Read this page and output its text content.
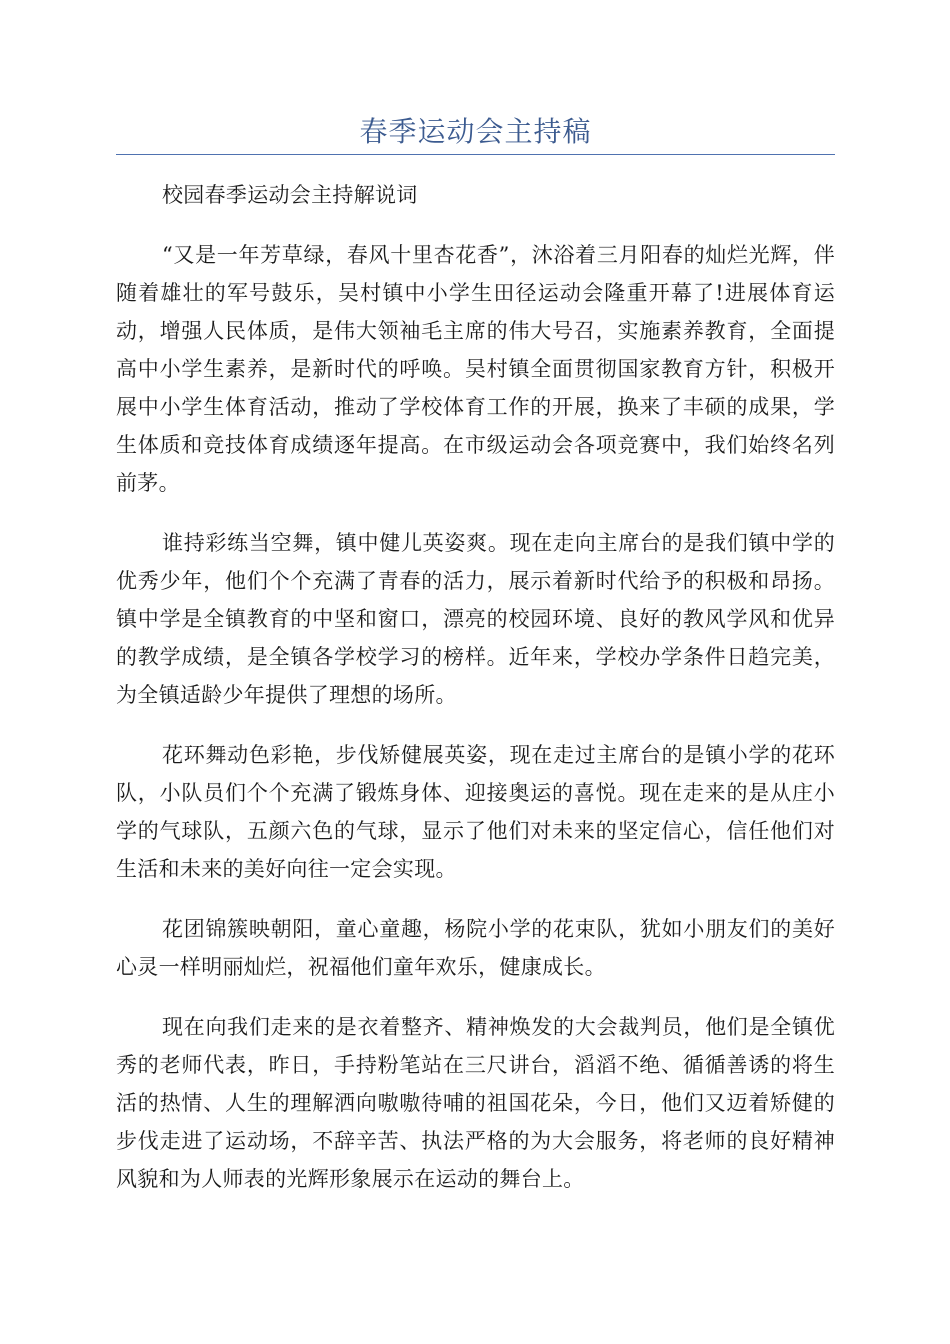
春季运动会主持稿

校园春季运动会主持解说词

“又是一年芳草绿，春风十里杏花香”，沐浴着三月阳春的灿烂光辉，伴随着雄壮的军号鼓乐，吴村镇中小学生田径运动会隆重开幕了!进展体育运动，增强人民体质，是伟大领袖毛主席的伟大号召，实施素养教育，全面提高中小学生素养，是新时代的呼唤。吴村镇全面贯彻国家教育方针，积极开展中小学生体育活动，推动了学校体育工作的开展，换来了丰硕的成果，学生体质和竞技体育成绩逐年提高。在市级运动会各项竞赛中，我们始终名列前茅。

谁持彩练当空舞，镇中健儿英姿爽。现在走向主席台的是我们镇中学的优秀少年，他们个个充满了青春的活力，展示着新时代给予的积极和昂扬。镇中学是全镇教育的中坚和窗口，漂亮的校园环境、良好的教风学风和优异的教学成绩，是全镇各学校学习的榜样。近年来，学校办学条件日趋完美，为全镇适龄少年提供了理想的场所。

花环舞动色彩艳，步伐矫健展英姿，现在走过主席台的是镇小学的花环队，小队员们个个充满了锻炼身体、迎接奥运的喜悦。现在走来的是从庄小学的气球队，五颜六色的气球，显示了他们对未来的坚定信心，信任他们对生活和未来的美好向往一定会实现。

花团锦簇映朝阳，童心童趣，杨院小学的花束队，犹如小朋友们的美好心灵一样明丽灿烂，祝福他们童年欢乐，健康成长。

现在向我们走来的是衣着整齐、精神焕发的大会裁判员，他们是全镇优秀的老师代表，昨日，手持粉笔站在三尺讲台，滔滔不绝、循循善诱的将生活的热情、人生的理解洒向嗷嗷待哺的祖国花朵，今日，他们又迈着矫健的步伐走进了运动场，不辞辛苦、执法严格的为大会服务，将老师的良好精神风貌和为人师表的光辉形象展示在运动的舞台上。
